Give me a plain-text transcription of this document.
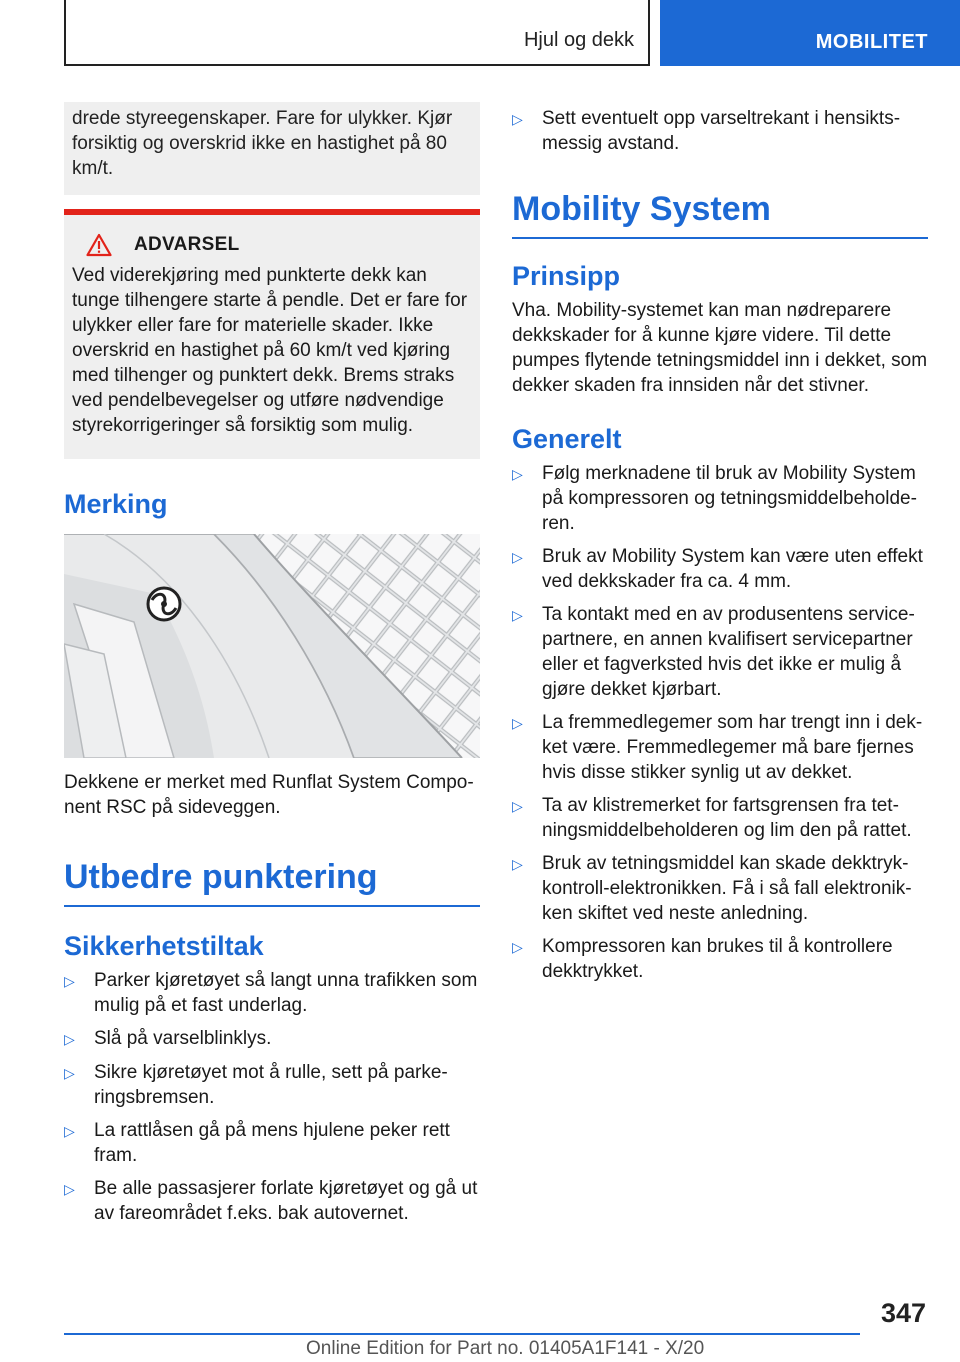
Hjul og dekk	MOBILITET

drede styreegenskaper. Fare for ulykker. Kjør forsiktig og overskrid ikke en hastighet på 80 km/t.

ADVARSEL

Ved viderekjøring med punkterte dekk kan tunge tilhengere starte å pendle. Det er fare for ulykker eller fare for materielle skader. Ikke overskrid en hastighet på 60 km/t ved kjøring med tilhenger og punktert dekk. Brems straks ved pendelbevegelser og utføre nødvendige styrekorrigeringer så forsiktig som mulig.

Merking

Dekkene er merket med Runflat System Component RSC på sideveggen.

Utbedre punktering
Sikkerhetstiltak
▷	Parker kjøretøyet så langt unna trafikken som mulig på et fast underlag.
▷	Slå på varselblinklys.
▷	Sikre kjøretøyet mot å rulle, sett på parkeringsbremsen.
▷	La rattlåsen gå på mens hjulene peker rett fram.
▷	Be alle passasjerer forlate kjøretøyet og gå ut av fareområdet f.eks. bak autovernet.
▷	Sett eventuelt opp varseltrekant i hensiktsmessig avstand.
Mobility System
Prinsipp

Vha. Mobility-systemet kan man nødreparere dekkskader for å kunne kjøre videre. Til dette pumpes flytende tetningsmiddel inn i dekket, som dekker skaden fra innsiden når det stivner.

Generelt
▷	Følg merknadene til bruk av Mobility System på kompressoren og tetningsmiddelbeholderen.
▷	Bruk av Mobility System kan være uten effekt ved dekkskader fra ca. 4 mm.
▷	Ta kontakt med en av produsentens servicepartnere, en annen kvalifisert servicepartner eller et fagverksted hvis det ikke er mulig å gjøre dekket kjørbart.
▷	La fremmedlegemer som har trengt inn i dekket være. Fremmedlegemer må bare fjernes hvis disse stikker synlig ut av dekket.
▷	Ta av klistremerket for fartsgrensen fra tetningsmiddelbeholderen og lim den på rattet.
▷	Bruk av tetningsmiddel kan skade dekktrykkontroll-elektronikken. Få i så fall elektronikken skiftet ved neste anledning.
▷	Kompressoren kan brukes til å kontrollere dekktrykket.
347
Online Edition for Part no. 01405A1F141 - X/20
